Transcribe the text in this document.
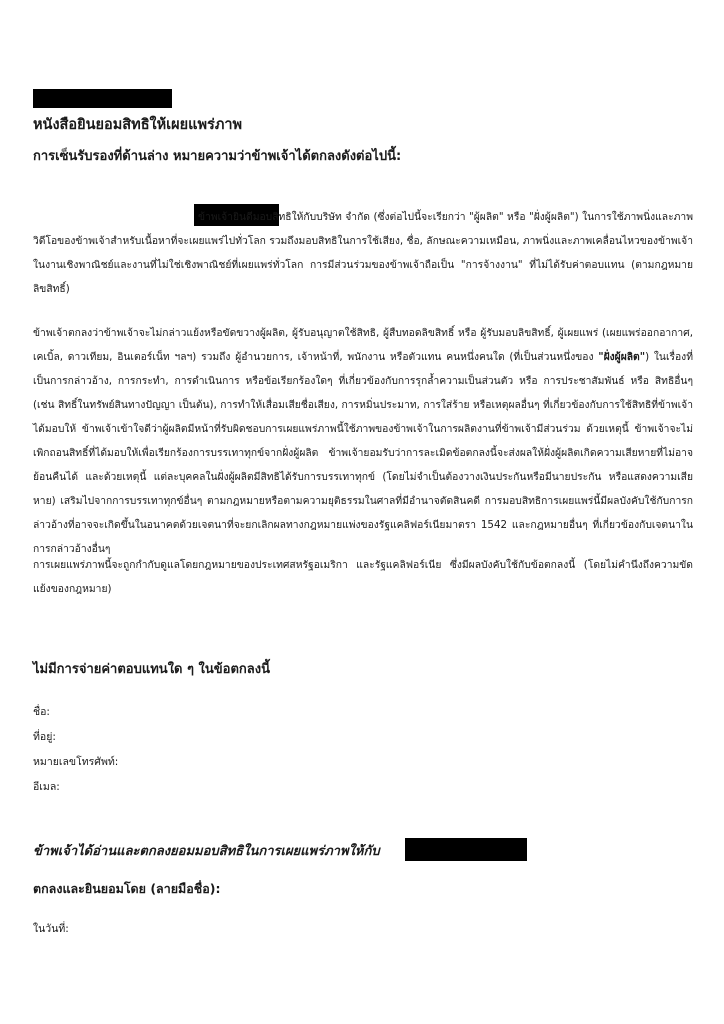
หนังสือยินยอมสิทธิให้เผยแพร่ภาพ
การเซ็นรับรองที่ด้านล่าง หมายความว่าข้าพเจ้าได้ตกลงดังต่อไปนี้:
ข้าพเจ้ายินดีมอบสิทธิให้กับบริษัท จำกัด (ซึ่งต่อไปนี้จะเรียกว่า "ผู้ผลิต" หรือ "ฝั่งผู้ผลิต") ในการใช้ภาพนิ่งและภาพวิดีโอของข้าพเจ้าสำหรับเนื้อหาที่จะเผยแพร่ไปทั่วโลก รวมถึงมอบสิทธิในการใช้เสียง, ชื่อ, ลักษณะความเหมือน, ภาพนิ่งและภาพเคลื่อนไหวของข้าพเจ้าในงานเชิงพาณิชย์และงานที่ไม่ใช่เชิงพาณิชย์ที่เผยแพร่ทั่วโลก การมีส่วนร่วมของข้าพเจ้าถือเป็น "การจ้างงาน" ที่ไม่ได้รับค่าตอบแทน (ตามกฎหมายลิขสิทธิ์)
ข้าพเจ้าตกลงว่าข้าพเจ้าจะไม่กล่าวแย้งหรือขัดขวางผู้ผลิต, ผู้รับอนุญาตใช้สิทธิ, ผู้สืบทอดลิขสิทธิ์ หรือ ผู้รับมอบลิขสิทธิ์, ผู้เผยแพร่ (เผยแพร่ออกอากาศ, เคเบิ้ล, ดาวเทียม, อินเตอร์เน็ท ฯลฯ) รวมถึง ผู้อำนวยการ, เจ้าหน้าที่, พนักงาน หรือตัวแทน คนหนึ่งคนใด (ที่เป็นส่วนหนึ่งของ "ฝั่งผู้ผลิต") ในเรื่องที่เป็นการกล่าวอ้าง, การกระทำ, การดำเนินการ หรือข้อเรียกร้องใดๆ ที่เกี่ยวข้องกับการรุกล้ำความเป็นส่วนตัว หรือ การประชาสัมพันธ์ หรือ สิทธิอื่นๆ (เช่น สิทธิ์ในทรัพย์สินทางปัญญา เป็นต้น), การทำให้เสื่อมเสียชื่อเสียง, การหมิ่นประมาท, การใส่ร้าย หรือเหตุผลอื่นๆ ที่เกี่ยวข้องกับการใช้สิทธิที่ข้าพเจ้าได้มอบให้ ข้าพเจ้าเข้าใจดีว่าผู้ผลิตมีหน้าที่รับผิดชอบการเผยแพร่ภาพนี้ใช้ภาพของข้าพเจ้าในการผลิตงานที่ข้าพเจ้ามีส่วนร่วม ด้วยเหตุนี้ ข้าพเจ้าจะไม่เพิกถอนสิทธิ์ที่ได้มอบให้เพื่อเรียกร้องการบรรเทาทุกข์จากฝั่งผู้ผลิต ข้าพเจ้ายอมรับว่าการละเมิดข้อตกลงนี้จะส่งผลให้ฝั่งผู้ผลิตเกิดความเสียหายที่ไม่อาจย้อนคืนได้ และด้วยเหตุนี้ แต่ละบุคคลในฝั่งผู้ผลิตมีสิทธิได้รับการบรรเทาทุกข์ (โดยไม่จำเป็นต้องวางเงินประกันหรือมีนายประกัน หรือแสดงความเสียหาย) เสริมไปจากการบรรเทาทุกข์อื่นๆ ตามกฎหมายหรือตามความยุติธรรมในศาลที่มีอำนาจตัดสินคดี การมอบสิทธิการเผยแพร่นี้มีผลบังคับใช้กับการกล่าวอ้างที่อาจจะเกิดขึ้นในอนาคตด้วยเจตนาที่จะยกเลิกผลทางกฎหมายแพ่งของรัฐแคลิฟอร์เนียมาตรา 1542 และกฎหมายอื่นๆ ที่เกี่ยวข้องกับเจตนาในการกล่าวอ้างอื่นๆ
การเผยแพร่ภาพนี้จะถูกกำกับดูแลโดยกฎหมายของประเทศสหรัฐอเมริกา และรัฐแคลิฟอร์เนีย ซึ่งมีผลบังคับใช้กับข้อตกลงนี้ (โดยไม่คำนึงถึงความขัดแย้งของกฎหมาย)
ไม่มีการจ่ายค่าตอบแทนใด ๆ ในข้อตกลงนี้
ชื่อ:
ที่อยู่:
หมายเลขโทรศัพท์:
อีเมล:
ข้าพเจ้าได้อ่านและตกลงยอมมอบสิทธิในการเผยแพร่ภาพให้กับ
ตกลงและยินยอมโดย (ลายมือชื่อ):
ในวันที่:
